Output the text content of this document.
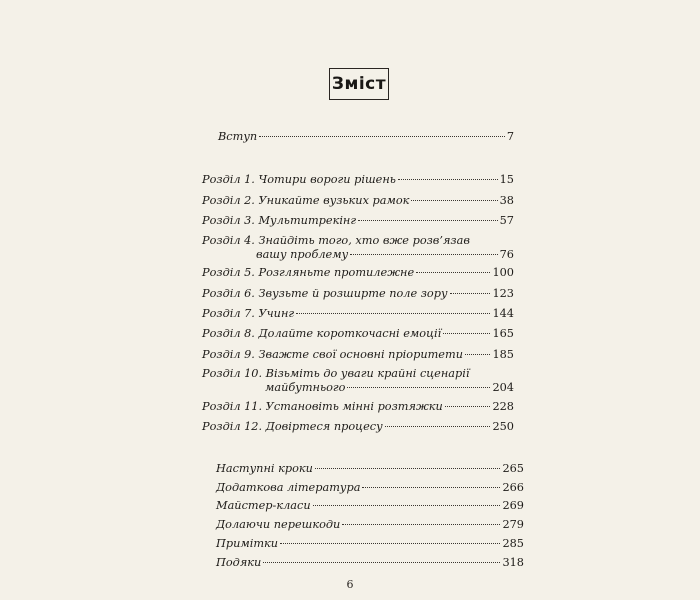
Зміст
Вступ	7
Розділ 1. Чотири вороги рішень	15
Розділ 2. Уникайте вузьких рамок	38
Розділ 3. Мультитрекінг	57
Розділ 4. Знайдіть того, хто вже розв’язав
вашу проблему	76
Розділ 5. Розгляньте протилежне	100
Розділ 6. Звузьте й розширте поле зору	123
Розділ 7. Учинг	144
Розділ 8. Долайте короткочасні емоції	165
Розділ 9. Зважте свої основні пріоритети	185
Розділ 10. Візьміть до уваги крайні сценарії
майбутнього	204
Розділ 11. Установіть мінні розтяжки	228
Розділ 12. Довіртеся процесу	250
Наступні кроки	265
Додаткова література	266
Майстер-класи	269
Долаючи перешкоди	279
Примітки	285
Подяки	318
6
